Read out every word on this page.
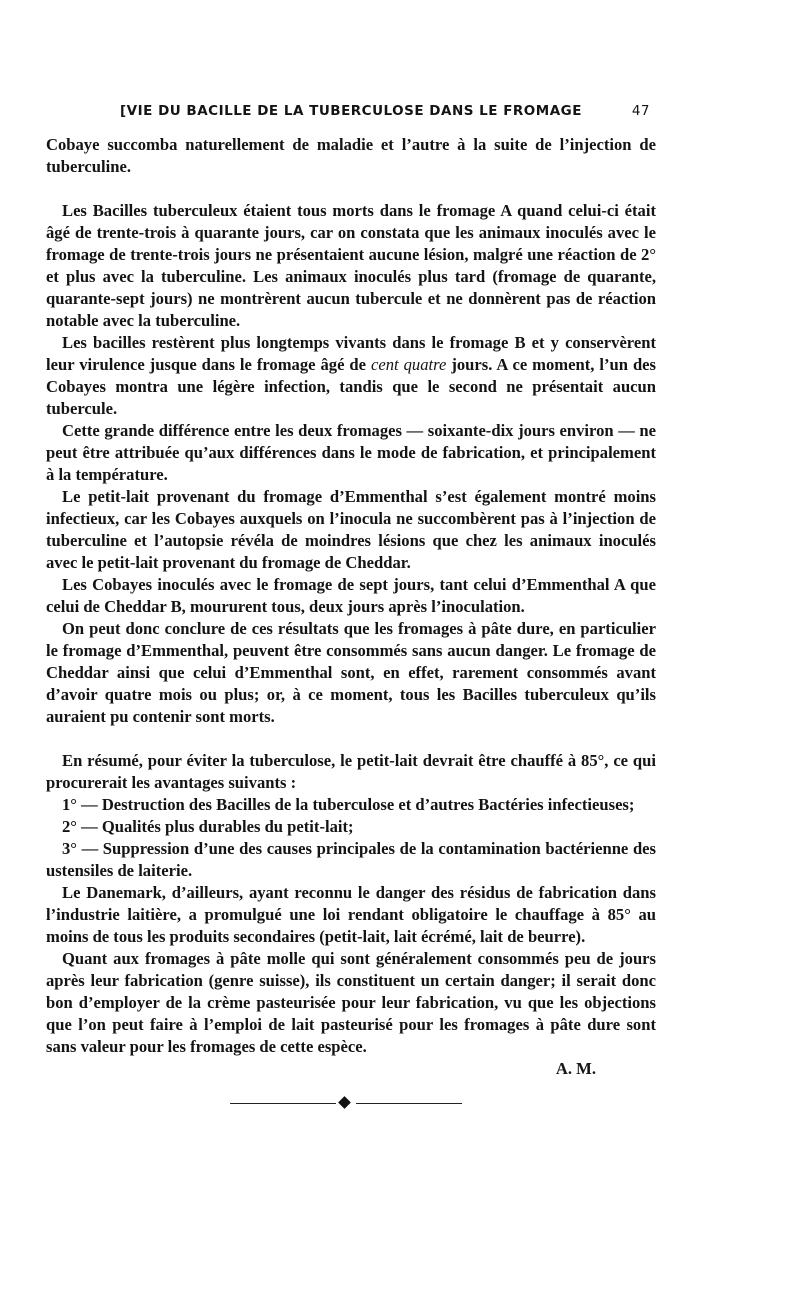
[VIE DU BACILLE DE LA TUBERCULOSE DANS LE FROMAGE	47

Cobaye succomba naturellement de maladie et l’autre à la suite de l’injection de tuberculine.

Les Bacilles tuberculeux étaient tous morts dans le fromage A quand celui-ci était âgé de trente-trois à quarante jours, car on constata que les animaux inoculés avec le fromage de trente-trois jours ne présentaient aucune lésion, malgré une réaction de 2° et plus avec la tuberculine. Les animaux inoculés plus tard (fromage de quarante, quarante-sept jours) ne montrèrent aucun tubercule et ne donnèrent pas de réaction notable avec la tuberculine.

Les bacilles restèrent plus longtemps vivants dans le fromage B et y conservèrent leur virulence jusque dans le fromage âgé de cent quatre jours. A ce moment, l’un des Cobayes montra une légère infection, tandis que le second ne présentait aucun tubercule.

Cette grande différence entre les deux fromages — soixante-dix jours environ — ne peut être attribuée qu’aux différences dans le mode de fabrication, et principalement à la température.

Le petit-lait provenant du fromage d’Emmenthal s’est également montré moins infectieux, car les Cobayes auxquels on l’inocula ne succombèrent pas à l’injection de tuberculine et l’autopsie révéla de moindres lésions que chez les animaux inoculés avec le petit-lait provenant du fromage de Cheddar.

Les Cobayes inoculés avec le fromage de sept jours, tant celui d’Emmenthal A que celui de Cheddar B, moururent tous, deux jours après l’inoculation.

On peut donc conclure de ces résultats que les fromages à pâte dure, en particulier le fromage d’Emmenthal, peuvent être consommés sans aucun danger. Le fromage de Cheddar ainsi que celui d’Emmenthal sont, en effet, rarement consommés avant d’avoir quatre mois ou plus; or, à ce moment, tous les Bacilles tuberculeux qu’ils auraient pu contenir sont morts.

En résumé, pour éviter la tuberculose, le petit-lait devrait être chauffé à 85°, ce qui procurerait les avantages suivants :

1° — Destruction des Bacilles de la tuberculose et d’autres Bactéries infectieuses;

2° — Qualités plus durables du petit-lait;

3° — Suppression d’une des causes principales de la contamination bactérienne des ustensiles de laiterie.

Le Danemark, d’ailleurs, ayant reconnu le danger des résidus de fabrication dans l’industrie laitière, a promulgué une loi rendant obligatoire le chauffage à 85° au moins de tous les produits secondaires (petit-lait, lait écrémé, lait de beurre).

Quant aux fromages à pâte molle qui sont généralement consommés peu de jours après leur fabrication (genre suisse), ils constituent un certain danger; il serait donc bon d’employer de la crème pasteurisée pour leur fabrication, vu que les objections que l’on peut faire à l’emploi de lait pasteurisé pour les fromages à pâte dure sont sans valeur pour les fromages de cette espèce.

A. M.
